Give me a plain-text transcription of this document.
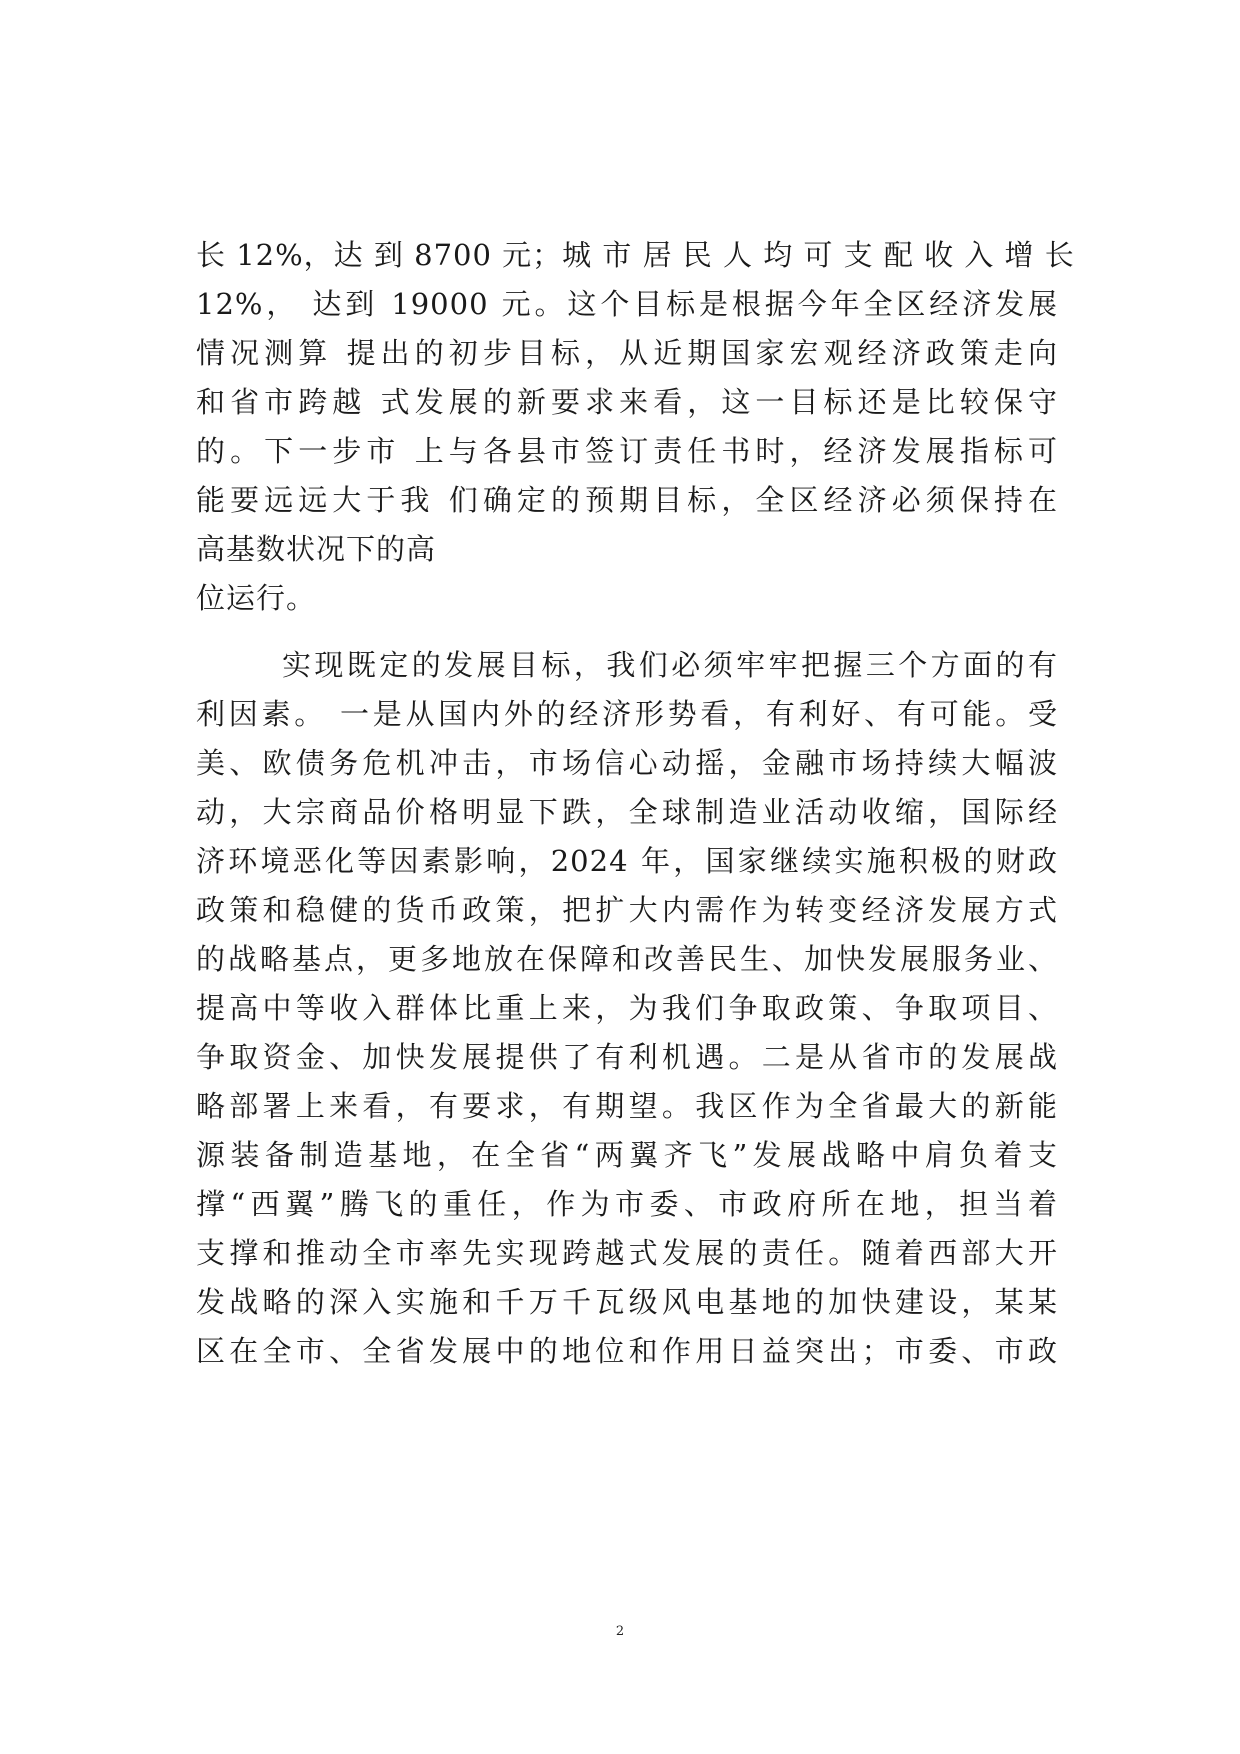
长 12%，达 到 8700 元；城 市 居 民 人 均 可 支 配 收 入 增 长
12%， 达到 19000 元。这个目标是根据今年全区经济发展
情况测算 提出的初步目标，从近期国家宏观经济政策走向
和省市跨越 式发展的新要求来看，这一目标还是比较保守
的。下一步市 上与各县市签订责任书时，经济发展指标可
能要远远大于我 们确定的预期目标，全区经济必须保持在
高基数状况下的高
位运行。
实现既定的发展目标，我们必须牢牢把握三个方面的有
利因素。 一是从国内外的经济形势看，有利好、有可能。受
美、欧债务危机冲击，市场信心动摇，金融市场持续大幅波
动，大宗商品价格明显下跌，全球制造业活动收缩，国际经
济环境恶化等因素影响，2024 年，国家继续实施积极的财政
政策和稳健的货币政策，把扩大内需作为转变经济发展方式
的战略基点，更多地放在保障和改善民生、加快发展服务业、
提高中等收入群体比重上来，为我们争取政策、争取项目、
争取资金、加快发展提供了有利机遇。二是从省市的发展战
略部署上来看，有要求，有期望。我区作为全省最大的新能
源装备制造基地，在全省“两翼齐飞”发展战略中肩负着支
撑“西翼”腾飞的重任，作为市委、市政府所在地，担当着
支撑和推动全市率先实现跨越式发展的责任。随着西部大开
发战略的深入实施和千万千瓦级风电基地的加快建设，某某
区在全市、全省发展中的地位和作用日益突出；市委、市政
2
